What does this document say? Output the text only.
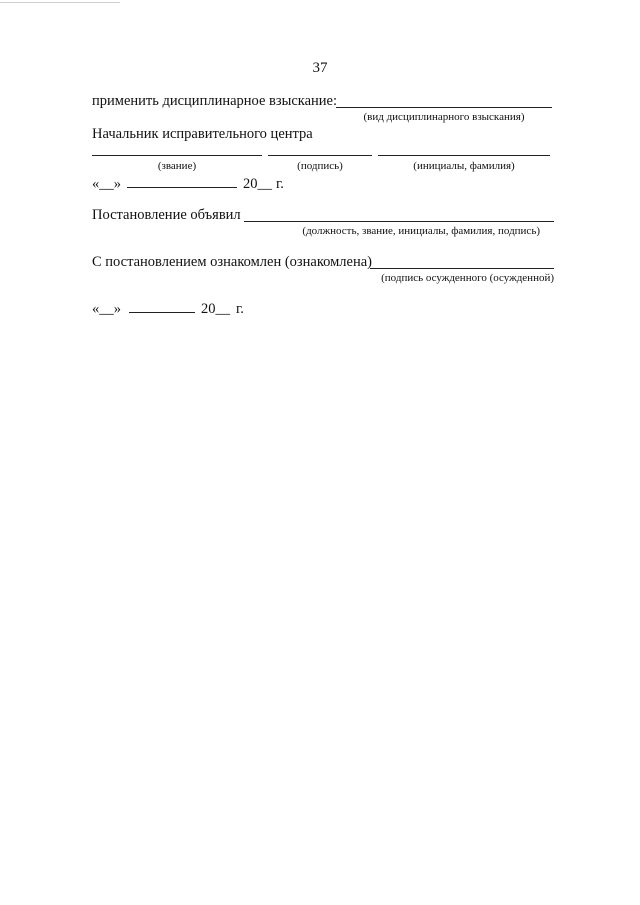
37
применить дисциплинарное взыскание:
(вид дисциплинарного взыскания)
Начальник исправительного центра
(звание)	(подпись)	(инициалы, фамилия)
« __ »	20 __ г.
Постановление объявил
(должность, звание, инициалы, фамилия, подпись)
С постановлением ознакомлен (ознакомлена)
(подпись осужденного (осужденной)
« __ »	20 __ г.
